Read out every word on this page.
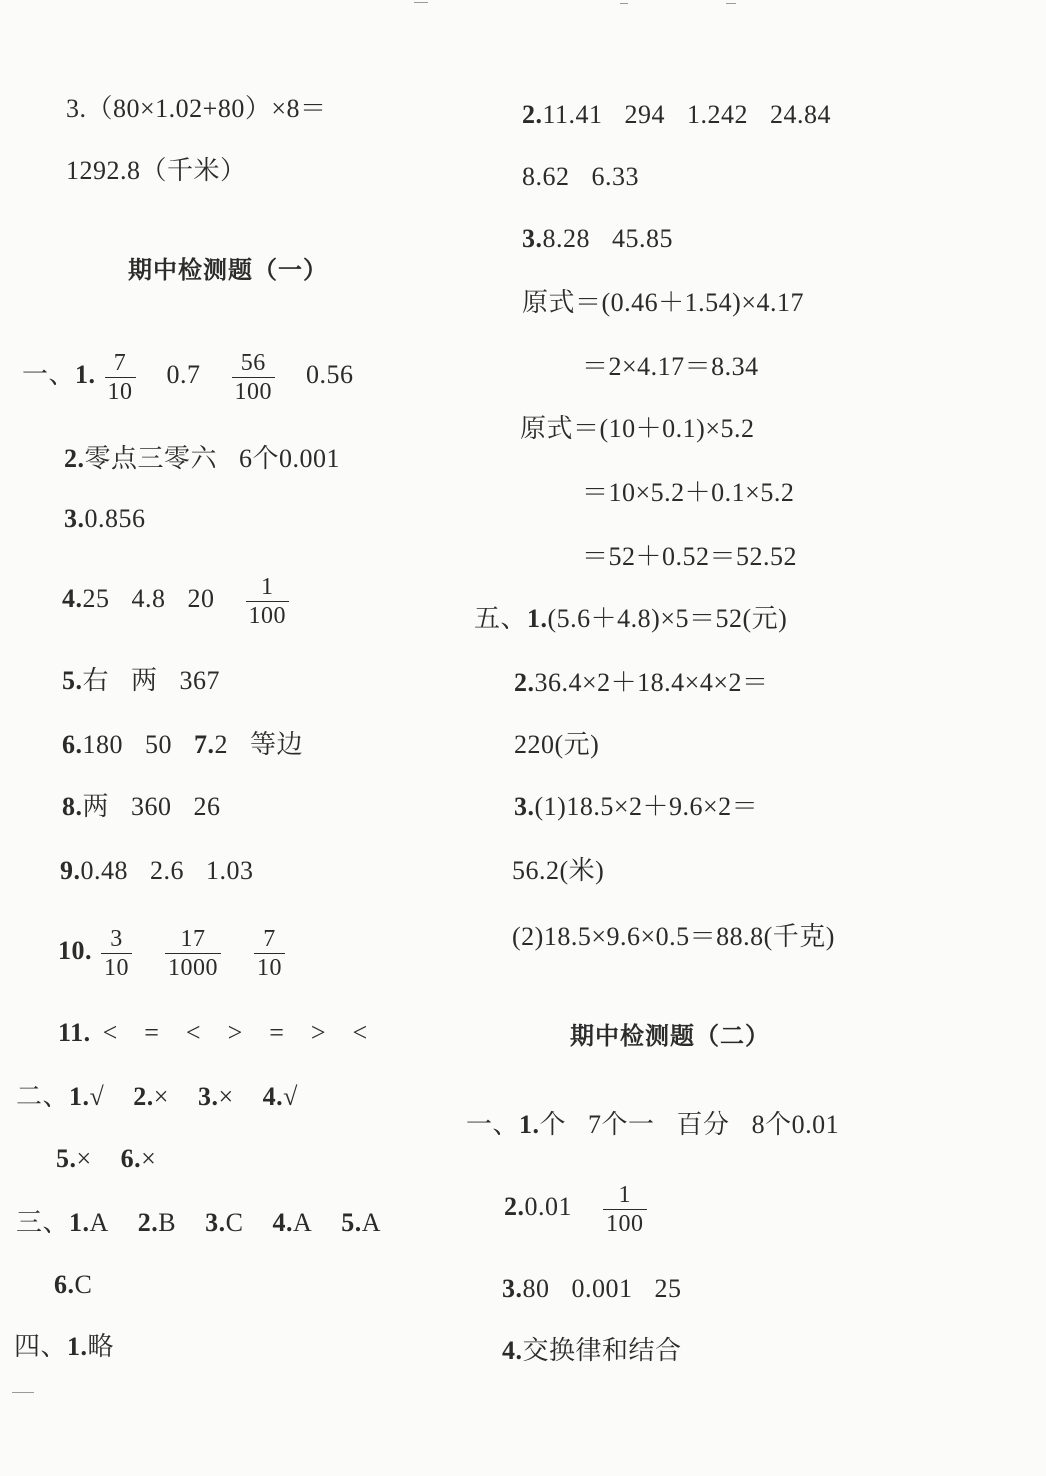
3.（80×1.02+80）×8＝
1292.8（千米）
期中检测题（一）
一、1. $\frac{7}{10} 0.7 \frac{56}{100} 0.56$
2.零点三零六 6个0.001
3.0.856
4.25 4.8 $20 \frac{1}{100}$
5.右 两 367
6.180 50 7.2 等边
8.两 360 26
9.0.48 2.6 1.03
10. $\frac{3}{10}$
$\frac{17}{1000}$
$\frac{7}{10}$
11. <　=　<　>　=　>　<
二、1.√ 2.× 3.× 4.√
5.× 6.×
三、1.A 2.B 3.C 4.A 5.A
6.C
四、1.略
2.11.41 294 1.242 24.84
8.62 6.33
3.8.28 45.85
原式＝(0.46＋1.54)×4.17
＝2×4.17＝8.34
原式＝(10＋0.1)×5.2
＝10×5.2＋0.1×5.2
＝52＋0.52＝52.52
五、1.(5.6＋4.8)×5＝52(元)
2.36.4×2＋18.4×4×2＝
220(元)
3.(1)18.5×2＋9.6×2＝
56.2(米)
(2)18.5×9.6×0.5＝88.8(千克)
期中检测题（二）
一、1.个 7个一 百分 8个0.01
$2.0.01 \frac{1}{100}$
3.80 0.001 25
4.交换律和结合
